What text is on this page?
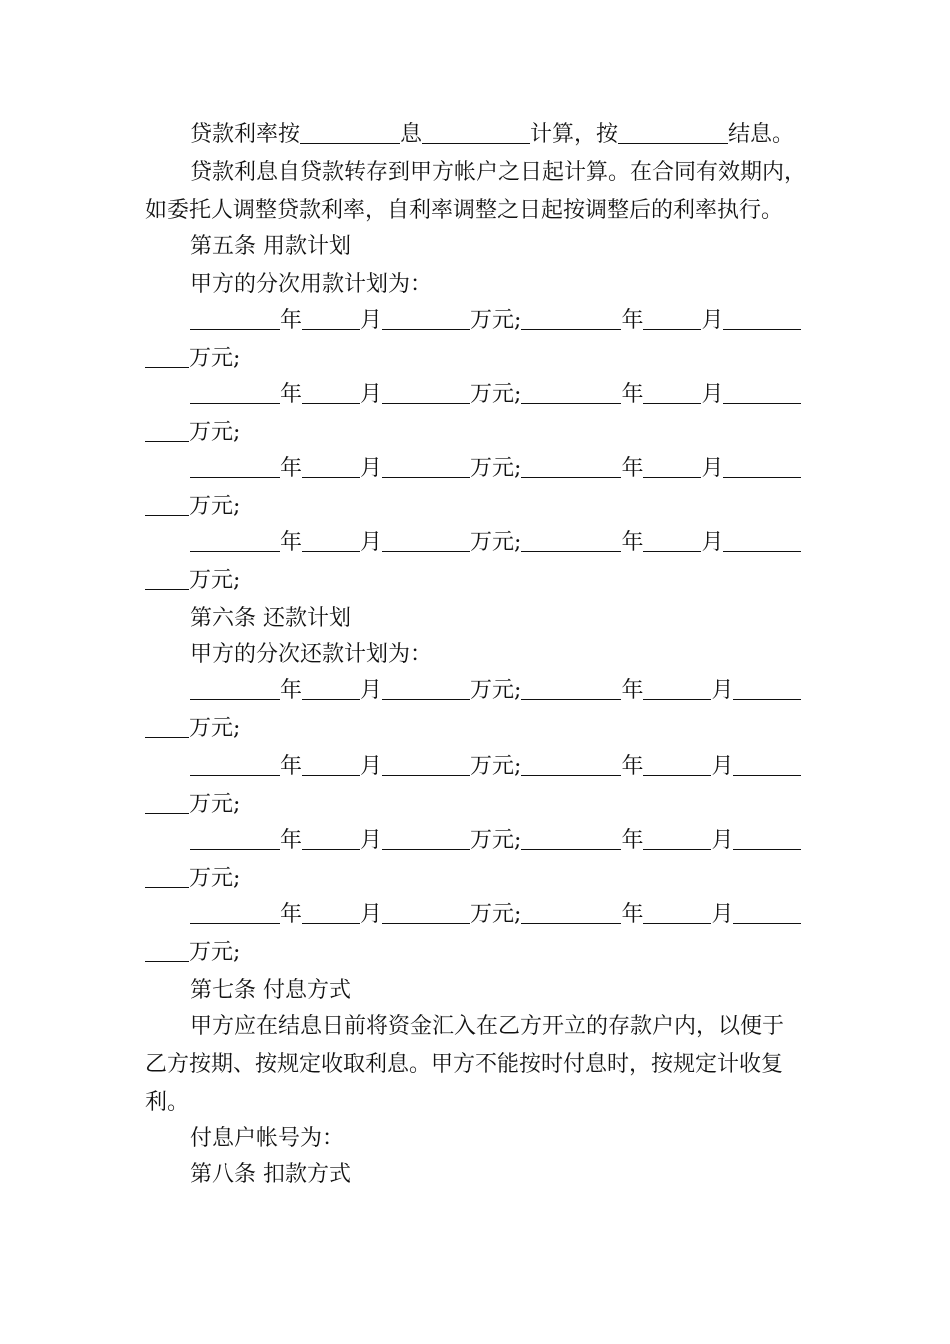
贷款利率按	息	计算，按	结息。
贷款利息自贷款转存到甲方帐户之日起计算。在合同有效期内，
如委托人调整贷款利率，自利率调整之日起按调整后的利率执行。
第五条 用款计划
甲方的分次用款计划为：
年	月	万元;	年	月
万元;
年	月	万元;	年	月
万元;
年	月	万元;	年	月
万元;
年	月	万元;	年	月
万元;
第六条 还款计划
甲方的分次还款计划为：
年	月	万元;	年	月
万元;
年	月	万元;	年	月
万元;
年	月	万元;	年	月
万元;
年	月	万元;	年	月
万元;
第七条 付息方式
甲方应在结息日前将资金汇入在乙方开立的存款户内，以便于
乙方按期、按规定收取利息。甲方不能按时付息时，按规定计收复
利。
付息户帐号为：
第八条 扣款方式
